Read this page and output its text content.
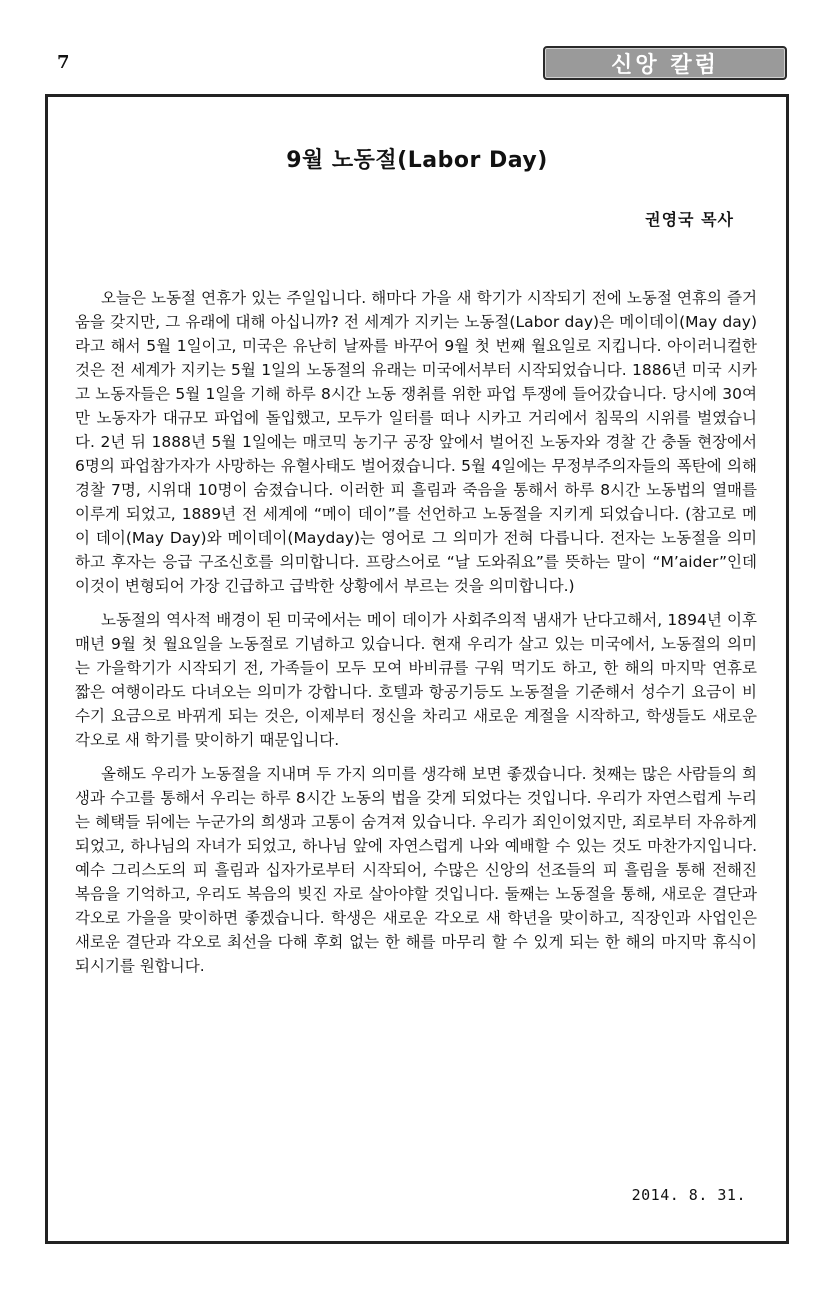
7	신앙 칼럼
9월 노동절(Labor Day)
권영국 목사

오늘은 노동절 연휴가 있는 주일입니다. 해마다 가을 새 학기가 시작되기 전에 노동절 연휴의 즐거움을 갖지만, 그 유래에 대해 아십니까? 전 세계가 지키는 노동절(Labor day)은 메이데이(May day)라고 해서 5월 1일이고, 미국은 유난히 날짜를 바꾸어 9월 첫 번째 월요일로 지킵니다. 아이러니컬한 것은 전 세계가 지키는 5월 1일의 노동절의 유래는 미국에서부터 시작되었습니다. 1886년 미국 시카고 노동자들은 5월 1일을 기해 하루 8시간 노동 쟁취를 위한 파업 투쟁에 들어갔습니다. 당시에 30여만 노동자가 대규모 파업에 돌입했고, 모두가 일터를 떠나 시카고 거리에서 침묵의 시위를 벌였습니다. 2년 뒤 1888년 5월 1일에는 매코믹 농기구 공장 앞에서 벌어진 노동자와 경찰 간 충돌 현장에서 6명의 파업참가자가 사망하는 유혈사태도 벌어졌습니다. 5월 4일에는 무정부주의자들의 폭탄에 의해 경찰 7명, 시위대 10명이 숨졌습니다. 이러한 피 흘림과 죽음을 통해서 하루 8시간 노동법의 열매를 이루게 되었고, 1889년 전 세계에 “메이 데이”를 선언하고 노동절을 지키게 되었습니다. (참고로 메이 데이(May Day)와 메이데이(Mayday)는 영어로 그 의미가 전혀 다릅니다. 전자는 노동절을 의미하고 후자는 응급 구조신호를 의미합니다. 프랑스어로 “날 도와줘요”를 뜻하는 말이 “M’aider”인데 이것이 변형되어 가장 긴급하고 급박한 상황에서 부르는 것을 의미합니다.)

노동절의 역사적 배경이 된 미국에서는 메이 데이가 사회주의적 냄새가 난다고해서, 1894년 이후 매년 9월 첫 월요일을 노동절로 기념하고 있습니다. 현재 우리가 살고 있는 미국에서, 노동절의 의미는 가을학기가 시작되기 전, 가족들이 모두 모여 바비큐를 구워 먹기도 하고, 한 해의 마지막 연휴로 짧은 여행이라도 다녀오는 의미가 강합니다. 호텔과 항공기등도 노동절을 기준해서 성수기 요금이 비수기 요금으로 바뀌게 되는 것은, 이제부터 정신을 차리고 새로운 계절을 시작하고, 학생들도 새로운 각오로 새 학기를 맞이하기 때문입니다.

올해도 우리가 노동절을 지내며 두 가지 의미를 생각해 보면 좋겠습니다. 첫째는 많은 사람들의 희생과 수고를 통해서 우리는 하루 8시간 노동의 법을 갖게 되었다는 것입니다. 우리가 자연스럽게 누리는 혜택들 뒤에는 누군가의 희생과 고통이 숨겨져 있습니다. 우리가 죄인이었지만, 죄로부터 자유하게 되었고, 하나님의 자녀가 되었고, 하나님 앞에 자연스럽게 나와 예배할 수 있는 것도 마찬가지입니다. 예수 그리스도의 피 흘림과 십자가로부터 시작되어, 수많은 신앙의 선조들의 피 흘림을 통해 전해진 복음을 기억하고, 우리도 복음의 빚진 자로 살아야할 것입니다. 둘째는 노동절을 통해, 새로운 결단과 각오로 가을을 맞이하면 좋겠습니다. 학생은 새로운 각오로 새 학년을 맞이하고, 직장인과 사업인은 새로운 결단과 각오로 최선을 다해 후회 없는 한 해를 마무리 할 수 있게 되는 한 해의 마지막 휴식이 되시기를 원합니다.

2014. 8. 31.
